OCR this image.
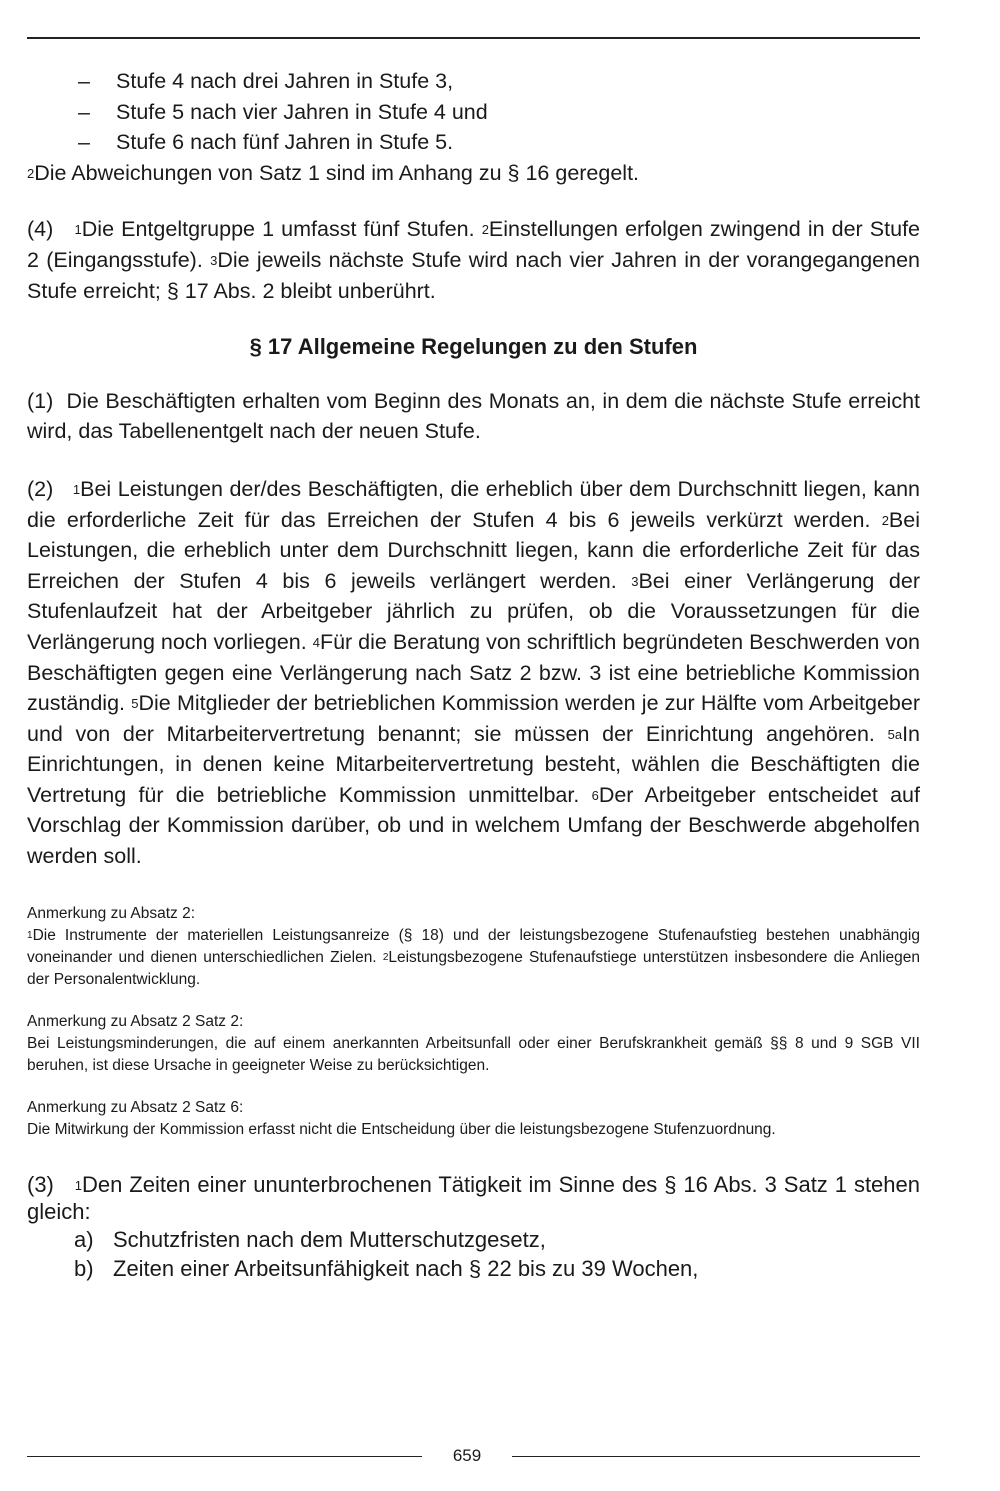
– Stufe 4 nach drei Jahren in Stufe 3,
– Stufe 5 nach vier Jahren in Stufe 4 und
– Stufe 6 nach fünf Jahren in Stufe 5.

$^2$Die Abweichungen von Satz 1 sind im Anhang zu § 16 geregelt.

(4) $^1$Die Entgeltgruppe 1 umfasst fünf Stufen. $^2$Einstellungen erfolgen zwingend in der Stufe 2 (Eingangsstufe). $^3$Die jeweils nächste Stufe wird nach vier Jahren in der vorangegangenen Stufe erreicht; § 17 Abs. 2 bleibt unberührt.

§ 17 Allgemeine Regelungen zu den Stufen

(1) Die Beschäftigten erhalten vom Beginn des Monats an, in dem die nächste Stufe erreicht wird, das Tabellenentgelt nach der neuen Stufe.

(2) $^1$Bei Leistungen der/des Beschäftigten, die erheblich über dem Durchschnitt liegen, kann die erforderliche Zeit für das Erreichen der Stufen 4 bis 6 jeweils verkürzt werden. $^2$Bei Leistungen, die erheblich unter dem Durchschnitt liegen, kann die erforderliche Zeit für das Erreichen der Stufen 4 bis 6 jeweils verlängert werden. $^3$Bei einer Verlängerung der Stufenlaufzeit hat der Arbeitgeber jährlich zu prüfen, ob die Voraussetzungen für die Verlängerung noch vorliegen. $^4$Für die Beratung von schriftlich begründeten Beschwerden von Beschäftigten gegen eine Verlängerung nach Satz 2 bzw. 3 ist eine betriebliche Kommission zuständig. $^5$Die Mitglieder der betrieblichen Kommission werden je zur Hälfte vom Arbeitgeber und von der Mitarbeitervertretung benannt; sie müssen der Einrichtung angehören. $^{5a}$In Einrichtungen, in denen keine Mitarbeitervertretung besteht, wählen die Beschäftigten die Vertretung für die betriebliche Kommission unmittelbar. $^6$Der Arbeitgeber entscheidet auf Vorschlag der Kommission darüber, ob und in welchem Umfang der Beschwerde abgeholfen werden soll.

Anmerkung zu Absatz 2:
$^1$Die Instrumente der materiellen Leistungsanreize (§ 18) und der leistungsbezogene Stufenaufstieg bestehen unabhängig voneinander und dienen unterschiedlichen Zielen. $^2$Leistungsbezogene Stufenaufstiege unterstützen insbesondere die Anliegen der Personalentwicklung.
Anmerkung zu Absatz 2 Satz 2:
Bei Leistungsminderungen, die auf einem anerkannten Arbeitsunfall oder einer Berufskrankheit gemäß §§ 8 und 9 SGB VII beruhen, ist diese Ursache in geeigneter Weise zu berücksichtigen.
Anmerkung zu Absatz 2 Satz 6:
Die Mitwirkung der Kommission erfasst nicht die Entscheidung über die leistungsbezogene Stufenzuordnung.

(3) $^1$Den Zeiten einer ununterbrochenen Tätigkeit im Sinne des § 16 Abs. 3 Satz 1 stehen gleich:

a) Schutzfristen nach dem Mutterschutzgesetz,
b) Zeiten einer Arbeitsunfähigkeit nach § 22 bis zu 39 Wochen,
659
